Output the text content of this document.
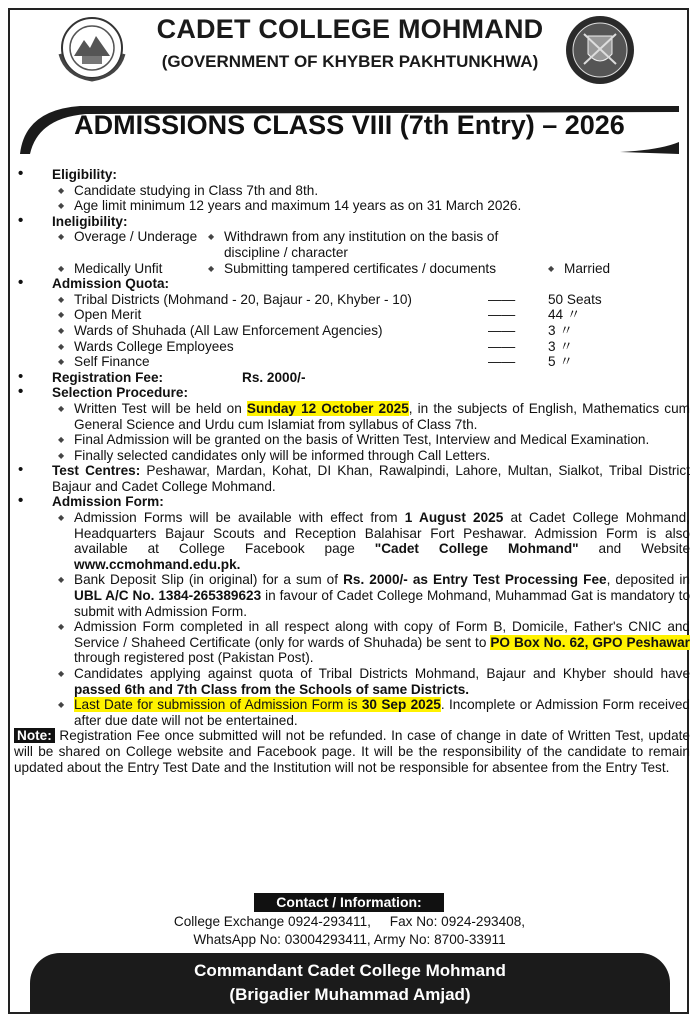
CADET COLLEGE MOHMAND
(GOVERNMENT OF KHYBER PAKHTUNKHWA)
ADMISSIONS CLASS VIII (7th Entry) – 2026
• Eligibility:
◆ Candidate studying in Class 7th and 8th.
◆ Age limit minimum 12 years and maximum 14 years as on 31 March 2026.
• Ineligibility:
◆ Overage / Underage	◆ Withdrawn from any institution on the basis of discipline / character
◆ Medically Unfit	◆ Submitting tampered certificates / documents	◆ Married
• Admission Quota:
◆ Tribal Districts (Mohmand - 20, Bajaur - 20, Khyber - 10)	——	50 Seats
◆ Open Merit	——	44 〃
◆ Wards of Shuhada (All Law Enforcement Agencies)	——	3 〃
◆ Wards College Employees	——	3 〃
◆ Self Finance	——	5 〃
• Registration Fee:	Rs. 2000/-
• Selection Procedure:
◆ Written Test will be held on Sunday 12 October 2025, in the subjects of English, Mathematics cum General Science and Urdu cum Islamiat from syllabus of Class 7th.
◆ Final Admission will be granted on the basis of Written Test, Interview and Medical Examination.
◆ Finally selected candidates only will be informed through Call Letters.
• Test Centres: Peshawar, Mardan, Kohat, DI Khan, Rawalpindi, Lahore, Multan, Sialkot, Tribal District Bajaur and Cadet College Mohmand.
• Admission Form:
◆ Admission Forms will be available with effect from 1 August 2025 at Cadet College Mohmand, Headquarters Bajaur Scouts and Reception Balahisar Fort Peshawar. Admission Form is also available at College Facebook page "Cadet College Mohmand" and Website www.ccmohmand.edu.pk.
◆ Bank Deposit Slip (in original) for a sum of Rs. 2000/- as Entry Test Processing Fee, deposited in UBL A/C No. 1384-265389623 in favour of Cadet College Mohmand, Muhammad Gat is mandatory to submit with Admission Form.
◆ Admission Form completed in all respect along with copy of Form B, Domicile, Father's CNIC and Service / Shaheed Certificate (only for wards of Shuhada) be sent to PO Box No. 62, GPO Peshawar through registered post (Pakistan Post).
◆ Candidates applying against quota of Tribal Districts Mohmand, Bajaur and Khyber should have passed 6th and 7th Class from the Schools of same Districts.
◆ Last Date for submission of Admission Form is 30 Sep 2025. Incomplete or Admission Form received after due date will not be entertained.
Note: Registration Fee once submitted will not be refunded. In case of change in date of Written Test, update will be shared on College website and Facebook page. It will be the responsibility of the candidate to remain updated about the Entry Test Date and the Institution will not be responsible for absentee from the Entry Test.
Contact / Information:
College Exchange 0924-293411,     Fax No: 0924-293408,
WhatsApp No: 03004293411, Army No: 8700-33911
Commandant Cadet College Mohmand
(Brigadier Muhammad Amjad)
